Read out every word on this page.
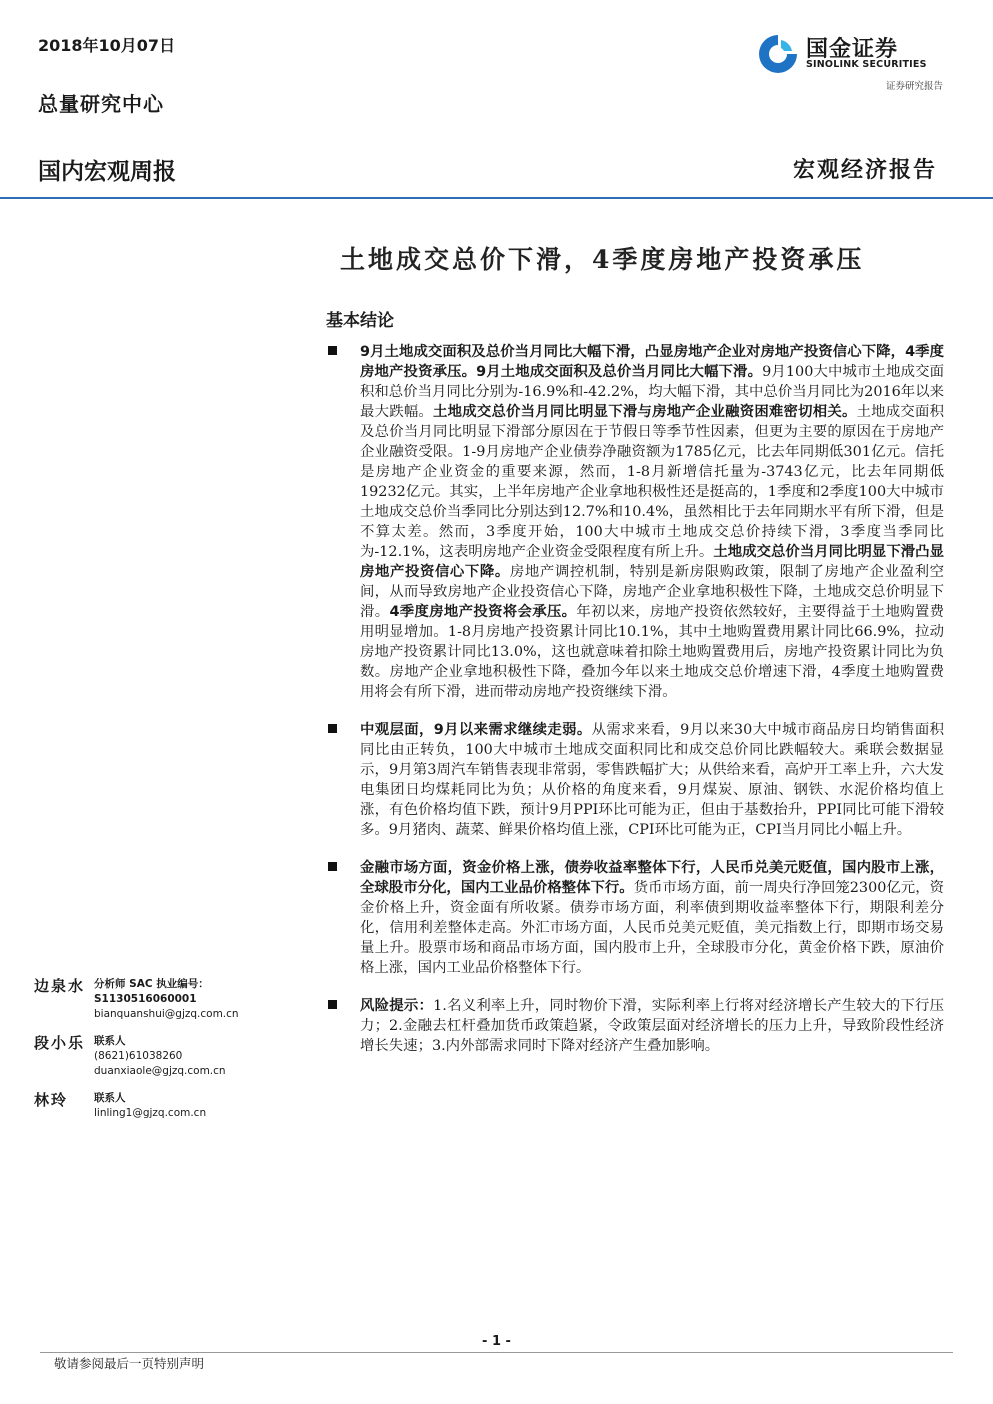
2018年10月07日
总量研究中心
国内宏观周报	宏观经济报告
国金证券
SINOLINK SECURITIES
证券研究报告
土地成交总价下滑，4季度房地产投资承压
基本结论
9月土地成交面积及总价当月同比大幅下滑，凸显房地产企业对房地产投资信心下降，4季度房地产投资承压。9月土地成交面积及总价当月同比大幅下滑。9月100大中城市土地成交面积和总价当月同比分别为-16.9%和-42.2%，均大幅下滑，其中总价当月同比为2016年以来最大跌幅。土地成交总价当月同比明显下滑与房地产企业融资困难密切相关。土地成交面积及总价当月同比明显下滑部分原因在于节假日等季节性因素，但更为主要的原因在于房地产企业融资受限。1-9月房地产企业债券净融资额为1785亿元，比去年同期低301亿元。信托是房地产企业资金的重要来源，然而，1-8月新增信托量为-3743亿元，比去年同期低19232亿元。其实，上半年房地产企业拿地积极性还是挺高的，1季度和2季度100大中城市土地成交总价当季同比分别达到12.7%和10.4%，虽然相比于去年同期水平有所下滑，但是不算太差。然而，3季度开始，100大中城市土地成交总价持续下滑，3季度当季同比为-12.1%，这表明房地产企业资金受限程度有所上升。土地成交总价当月同比明显下滑凸显房地产投资信心下降。房地产调控机制，特别是新房限购政策，限制了房地产企业盈利空间，从而导致房地产企业投资信心下降，房地产企业拿地积极性下降，土地成交总价明显下滑。4季度房地产投资将会承压。年初以来，房地产投资依然较好，主要得益于土地购置费用明显增加。1-8月房地产投资累计同比10.1%，其中土地购置费用累计同比66.9%，拉动房地产投资累计同比13.0%，这也就意味着扣除土地购置费用后，房地产投资累计同比为负数。房地产企业拿地积极性下降，叠加今年以来土地成交总价增速下滑，4季度土地购置费用将会有所下滑，进而带动房地产投资继续下滑。
中观层面，9月以来需求继续走弱。从需求来看，9月以来30大中城市商品房日均销售面积同比由正转负，100大中城市土地成交面积同比和成交总价同比跌幅较大。乘联会数据显示，9月第3周汽车销售表现非常弱，零售跌幅扩大；从供给来看，高炉开工率上升，六大发电集团日均煤耗同比为负；从价格的角度来看，9月煤炭、原油、钢铁、水泥价格均值上涨，有色价格均值下跌，预计9月PPI环比可能为正，但由于基数抬升，PPI同比可能下滑较多。9月猪肉、蔬菜、鲜果价格均值上涨，CPI环比可能为正，CPI当月同比小幅上升。
金融市场方面，资金价格上涨，债券收益率整体下行，人民币兑美元贬值，国内股市上涨，全球股市分化，国内工业品价格整体下行。货币市场方面，前一周央行净回笼2300亿元，资金价格上升，资金面有所收紧。债券市场方面，利率债到期收益率整体下行，期限利差分化，信用利差整体走高。外汇市场方面，人民币兑美元贬值，美元指数上行，即期市场交易量上升。股票市场和商品市场方面，国内股市上升，全球股市分化，黄金价格下跌，原油价格上涨，国内工业品价格整体下行。
风险提示：1.名义利率上升，同时物价下滑，实际利率上行将对经济增长产生较大的下行压力；2.金融去杠杆叠加货币政策趋紧，令政策层面对经济增长的压力上升，导致阶段性经济增长失速；3.内外部需求同时下降对经济产生叠加影响。
边泉水 分析师 SAC 执业编号：S1130516060001
bianquanshui@gjzq.com.cn
段小乐 联系人
(8621)61038260
duanxiaole@gjzq.com.cn
林玲	联系人
linling1@gjzq.com.cn
- 1 -
敬请参阅最后一页特别声明
